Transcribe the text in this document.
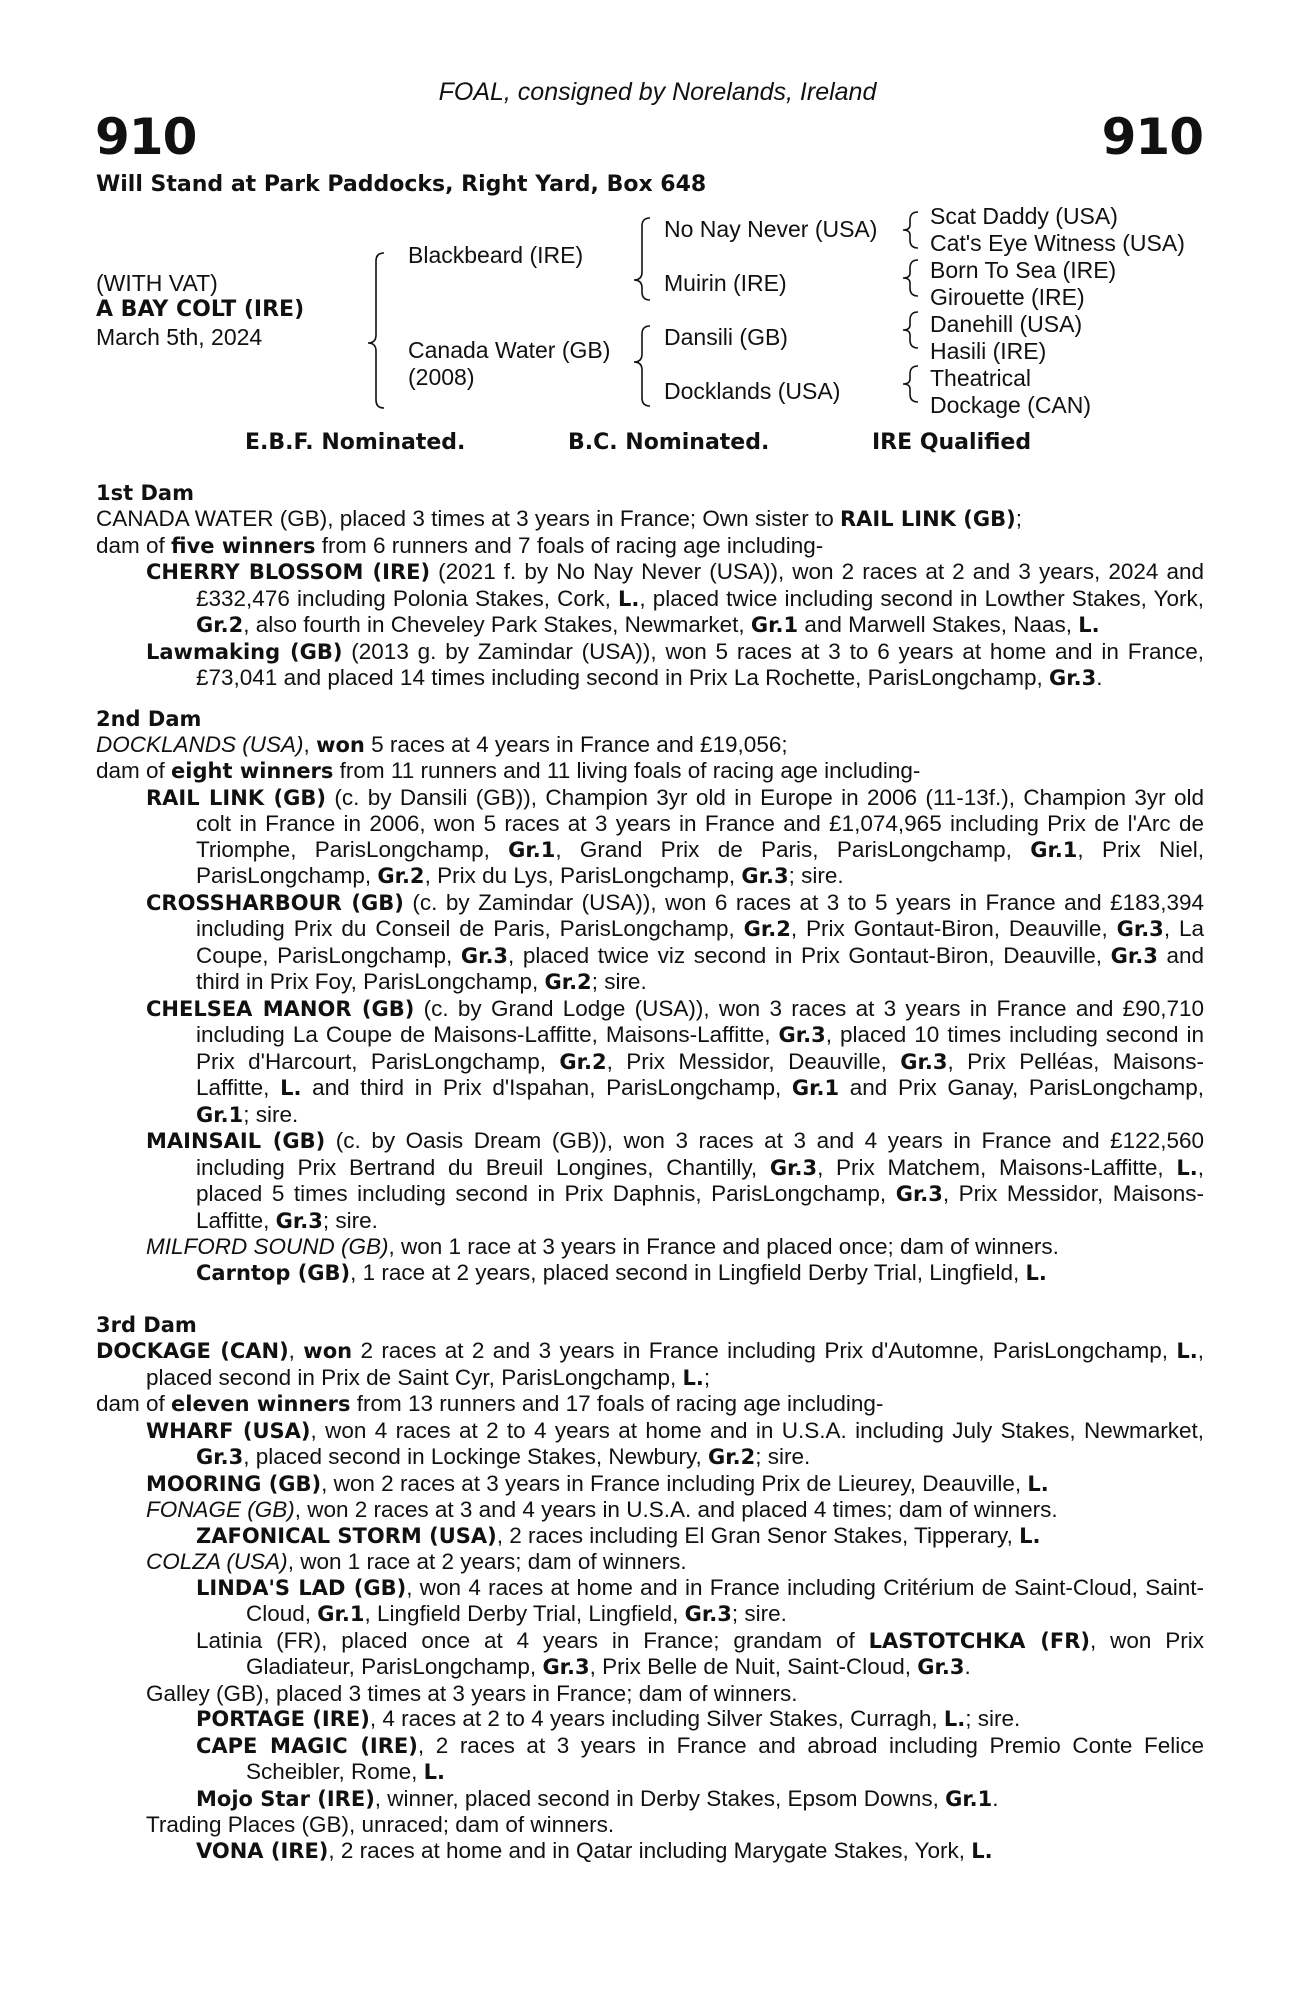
FOAL, consigned by Norelands, Ireland
910	910
Will Stand at Park Paddocks, Right Yard, Box 648
(WITH VAT)
A BAY COLT (IRE)
March 5th, 2024
Blackbeard (IRE)
Canada Water (GB)
(2008)
No Nay Never (USA)
Muirin (IRE)
Dansili (GB)
Docklands (USA)
Scat Daddy (USA)
Cat's Eye Witness (USA)
Born To Sea (IRE)
Girouette (IRE)
Danehill (USA)
Hasili (IRE)
Theatrical
Dockage (CAN)
E.B.F. Nominated.	B.C. Nominated.	IRE Qualified

1st Dam

CANADA WATER (GB), placed 3 times at 3 years in France; Own sister to RAIL LINK (GB);

dam of five winners from 6 runners and 7 foals of racing age including-

CHERRY BLOSSOM (IRE) (2021 f. by No Nay Never (USA)), won 2 races at 2 and 3 years, 2024 and £332,476 including Polonia Stakes, Cork, L., placed twice including second in Lowther Stakes, York, Gr.2, also fourth in Cheveley Park Stakes, Newmarket, Gr.1 and Marwell Stakes, Naas, L.

Lawmaking (GB) (2013 g. by Zamindar (USA)), won 5 races at 3 to 6 years at home and in France, £73,041 and placed 14 times including second in Prix La Rochette, ParisLongchamp, Gr.3.

2nd Dam

DOCKLANDS (USA), won 5 races at 4 years in France and £19,056;

dam of eight winners from 11 runners and 11 living foals of racing age including-

RAIL LINK (GB) (c. by Dansili (GB)), Champion 3yr old in Europe in 2006 (11-13f.), Champion 3yr old colt in France in 2006, won 5 races at 3 years in France and £1,074,965 including Prix de l'Arc de Triomphe, ParisLongchamp, Gr.1, Grand Prix de Paris, ParisLongchamp, Gr.1, Prix Niel, ParisLongchamp, Gr.2, Prix du Lys, ParisLongchamp, Gr.3; sire.

CROSSHARBOUR (GB) (c. by Zamindar (USA)), won 6 races at 3 to 5 years in France and £183,394 including Prix du Conseil de Paris, ParisLongchamp, Gr.2, Prix Gontaut-Biron, Deauville, Gr.3, La Coupe, ParisLongchamp, Gr.3, placed twice viz second in Prix Gontaut-Biron, Deauville, Gr.3 and third in Prix Foy, ParisLongchamp, Gr.2; sire.

CHELSEA MANOR (GB) (c. by Grand Lodge (USA)), won 3 races at 3 years in France and £90,710 including La Coupe de Maisons-Laffitte, Maisons-Laffitte, Gr.3, placed 10 times including second in Prix d'Harcourt, ParisLongchamp, Gr.2, Prix Messidor, Deauville, Gr.3, Prix Pelléas, Maisons-Laffitte, L. and third in Prix d'Ispahan, ParisLongchamp, Gr.1 and Prix Ganay, ParisLongchamp, Gr.1; sire.

MAINSAIL (GB) (c. by Oasis Dream (GB)), won 3 races at 3 and 4 years in France and £122,560 including Prix Bertrand du Breuil Longines, Chantilly, Gr.3, Prix Matchem, Maisons-Laffitte, L., placed 5 times including second in Prix Daphnis, ParisLongchamp, Gr.3, Prix Messidor, Maisons-Laffitte, Gr.3; sire.

MILFORD SOUND (GB), won 1 race at 3 years in France and placed once; dam of winners.

Carntop (GB), 1 race at 2 years, placed second in Lingfield Derby Trial, Lingfield, L.

3rd Dam

DOCKAGE (CAN), won 2 races at 2 and 3 years in France including Prix d'Automne, ParisLongchamp, L., placed second in Prix de Saint Cyr, ParisLongchamp, L.;

dam of eleven winners from 13 runners and 17 foals of racing age including-

WHARF (USA), won 4 races at 2 to 4 years at home and in U.S.A. including July Stakes, Newmarket, Gr.3, placed second in Lockinge Stakes, Newbury, Gr.2; sire.

MOORING (GB), won 2 races at 3 years in France including Prix de Lieurey, Deauville, L.

FONAGE (GB), won 2 races at 3 and 4 years in U.S.A. and placed 4 times; dam of winners.

ZAFONICAL STORM (USA), 2 races including El Gran Senor Stakes, Tipperary, L.

COLZA (USA), won 1 race at 2 years; dam of winners.

LINDA'S LAD (GB), won 4 races at home and in France including Critérium de Saint-Cloud, Saint-Cloud, Gr.1, Lingfield Derby Trial, Lingfield, Gr.3; sire.

Latinia (FR), placed once at 4 years in France; grandam of LASTOTCHKA (FR), won Prix Gladiateur, ParisLongchamp, Gr.3, Prix Belle de Nuit, Saint-Cloud, Gr.3.

Galley (GB), placed 3 times at 3 years in France; dam of winners.

PORTAGE (IRE), 4 races at 2 to 4 years including Silver Stakes, Curragh, L.; sire.

CAPE MAGIC (IRE), 2 races at 3 years in France and abroad including Premio Conte Felice Scheibler, Rome, L.

Mojo Star (IRE), winner, placed second in Derby Stakes, Epsom Downs, Gr.1.

Trading Places (GB), unraced; dam of winners.

VONA (IRE), 2 races at home and in Qatar including Marygate Stakes, York, L.
